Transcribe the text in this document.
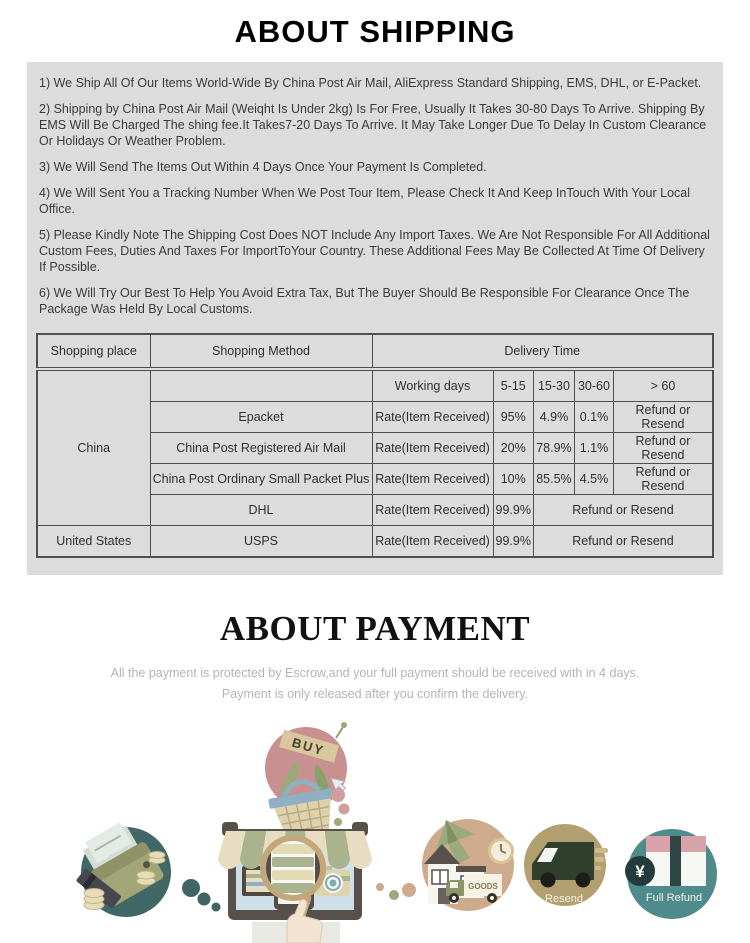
ABOUT SHIPPING

1) We Ship All Of Our Items World-Wide By China Post Air Mail, AliExpress Standard Shipping, EMS, DHL, or E-Packet.

2) Shipping by China Post Air Mail (Weiqht Is Under 2kg) Is For Free, Usually It Takes 30-80 Days To Arrive. Shipping By EMS Will Be Charged The shing fee.It Takes7-20 Days To Arrive. It May Take Longer Due To Delay In Custom Clearance Or Holidays Or Weather Problem.

3) We Will Send The Items Out Within 4 Days Once Your Payment Is Completed.

4) We Will Sent You a Tracking Number When We Post Tour Item, Please Check It And Keep InTouch With Your Local Office.

5) Please Kindly Note The Shipping Cost Does NOT Include Any Import Taxes. We Are Not Responsible For All Additional Custom Fees, Duties And Taxes For ImportToYour Country. These Additional Fees May Be Collected At Time Of Delivery If Possible.

6) We Will Try Our Best To Help You Avoid Extra Tax, But The Buyer Should Be Responsible For Clearance Once The Package Was Held By Local Customs.

Shopping place	Shopping Method	Delivery Time				
China		Working days	5-15	15-30	30-60	> 60
	Epacket	Rate(Item Received)	95%	4.9%	0.1%	Refund or Resend
	China Post Registered Air Mail	Rate(Item Received)	20%	78.9%	1.1%	Refund or Resend
	China Post Ordinary Small Packet Plus	Rate(Item Received)	10%	85.5%	4.5%	Refund or Resend
	DHL	Rate(Item Received)	99.9%	Refund or Resend		
United States	USPS	Rate(Item Received)	99.9%	Refund or Resend		
ABOUT PAYMENT

All the payment is protected by Escrow,and your full payment should be received with in 4 days.

Payment is only released after you confirm the delivery.

BUY
GOODS
Resend
¥
Full Refund
